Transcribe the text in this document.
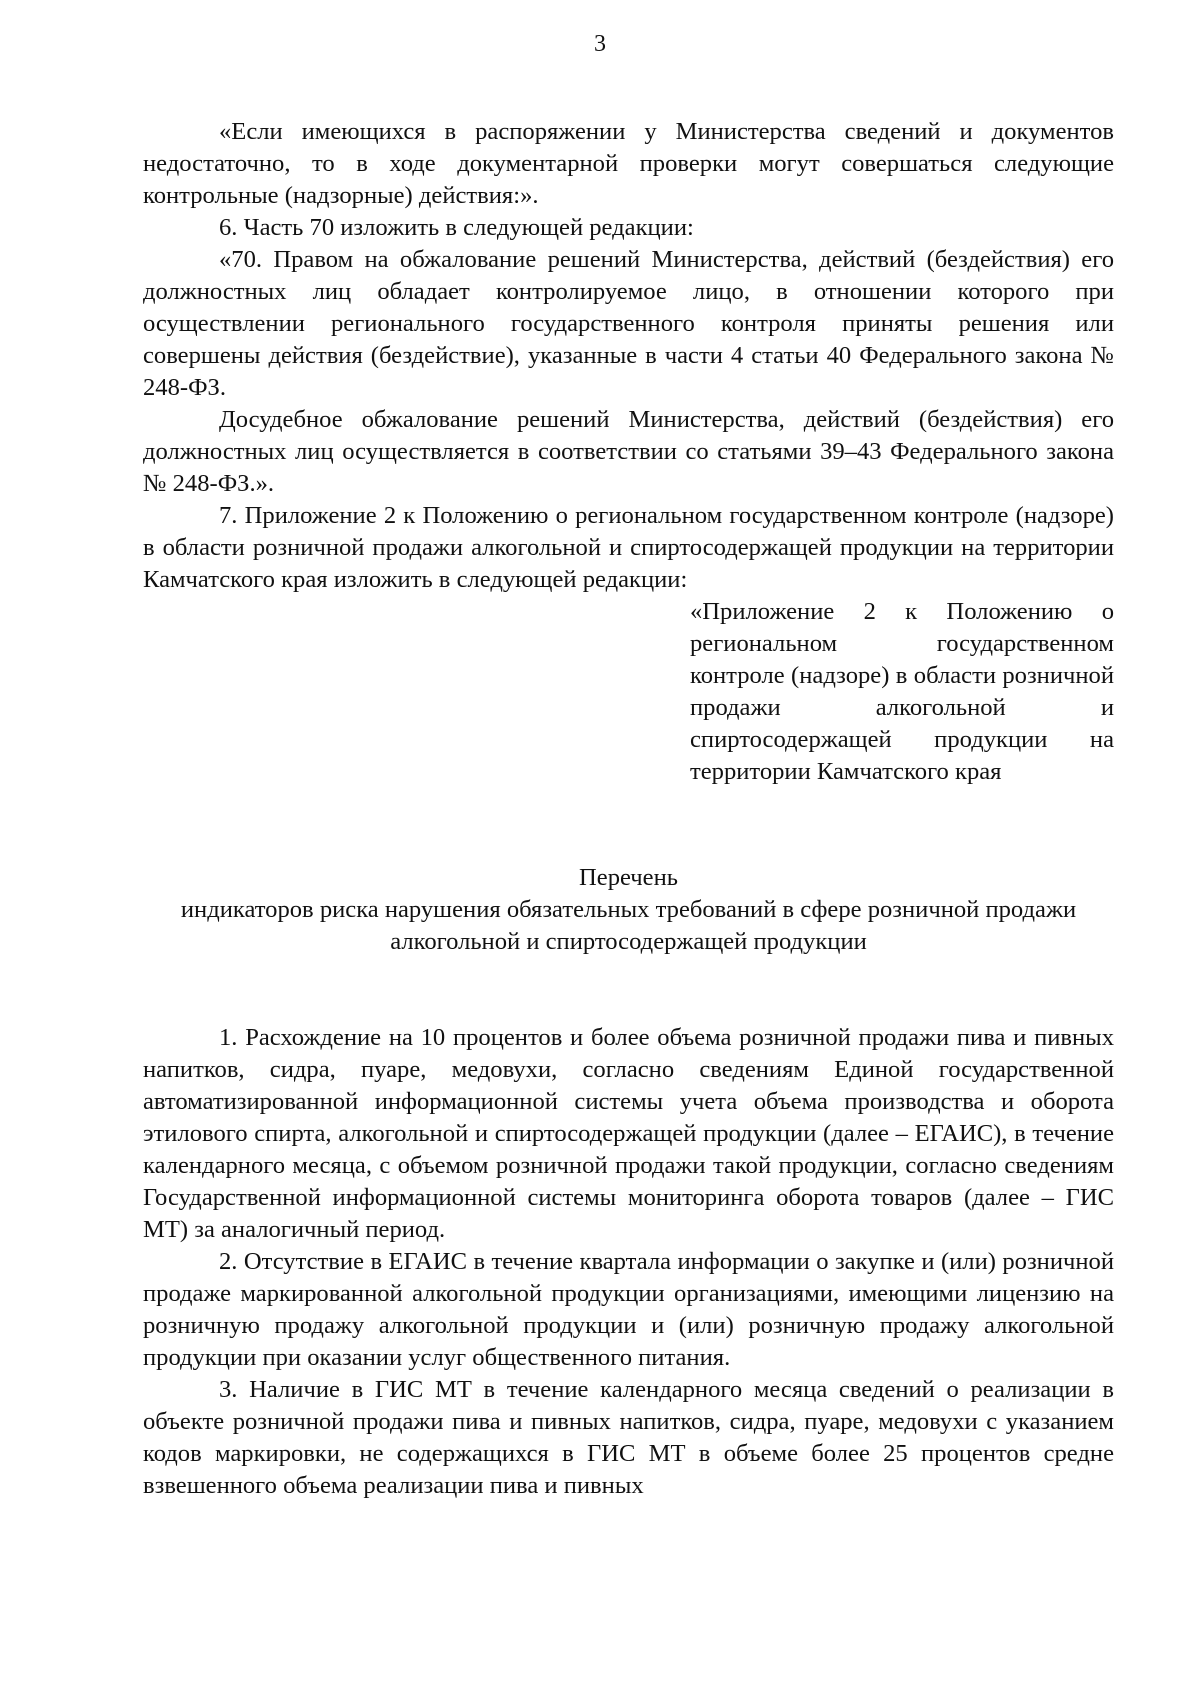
3

«Если имеющихся в распоряжении у Министерства сведений и документов недостаточно, то в ходе документарной проверки могут совершаться следующие контрольные (надзорные) действия:».

6. Часть 70 изложить в следующей редакции:

«70. Правом на обжалование решений Министерства, действий (бездействия) его должностных лиц обладает контролируемое лицо, в отношении которого при осуществлении регионального государственного контроля приняты решения или совершены действия (бездействие), указанные в части 4 статьи 40 Федерального закона № 248-ФЗ.

Досудебное обжалование решений Министерства, действий (бездействия) его должностных лиц осуществляется в соответствии со статьями 39–43 Федерального закона № 248-ФЗ.».

7. Приложение 2 к Положению о региональном государственном контроле (надзоре) в области розничной продажи алкогольной и спиртосодержащей продукции на территории Камчатского края изложить в следующей редакции:

«Приложение 2 к Положению о региональном государственном контроле (надзоре) в области розничной продажи алкогольной и спиртосодержащей продукции на территории Камчатского края
Перечень
индикаторов риска нарушения обязательных требований в сфере розничной продажи алкогольной и спиртосодержащей продукции

1. Расхождение на 10 процентов и более объема розничной продажи пива и пивных напитков, сидра, пуаре, медовухи, согласно сведениям Единой государственной автоматизированной информационной системы учета объема производства и оборота этилового спирта, алкогольной и спиртосодержащей продукции (далее – ЕГАИС), в течение календарного месяца, с объемом розничной продажи такой продукции, согласно сведениям Государственной информационной системы мониторинга оборота товаров (далее – ГИС МТ) за аналогичный период.

2. Отсутствие в ЕГАИС в течение квартала информации о закупке и (или) розничной продаже маркированной алкогольной продукции организациями, имеющими лицензию на розничную продажу алкогольной продукции и (или) розничную продажу алкогольной продукции при оказании услуг общественного питания.

3. Наличие в ГИС МТ в течение календарного месяца сведений о реализации в объекте розничной продажи пива и пивных напитков, сидра, пуаре, медовухи с указанием кодов маркировки, не содержащихся в ГИС МТ в объеме более 25 процентов средне взвешенного объема реализации пива и пивных
